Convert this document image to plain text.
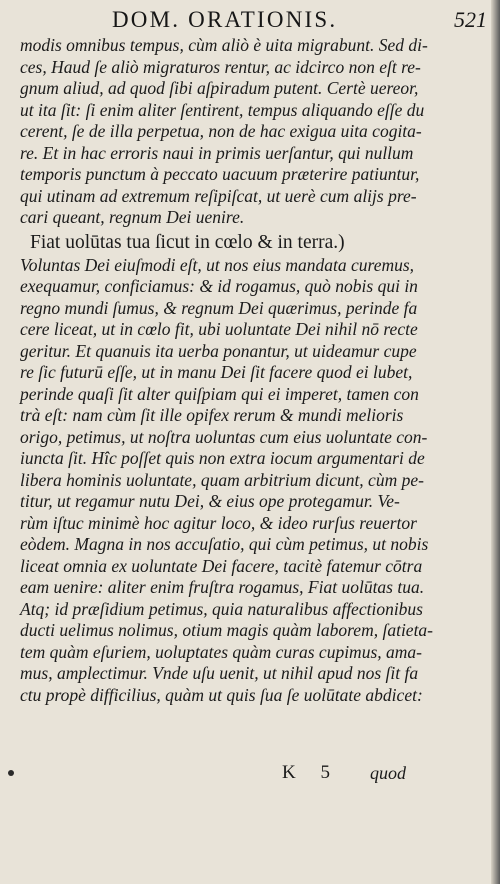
DOM. ORATIONIS.	521
modis omnibus tempus, cùm aliò è uita migrabunt. Sed di-
ces, Haud ſe aliò migraturos rentur, ac idcirco non eſt re-
gnum aliud, ad quod ſibi aſpiradum putent. Certè uereor,
ut ita ſit: ſi enim aliter ſentirent, tempus aliquando eſſe du
cerent, ſe de illa perpetua, non de hac exigua uita cogita-
re. Et in hac erroris naui in primis uerſantur, qui nullum
temporis punctum à peccato uacuum præterire patiuntur,
qui utinam ad extremum reſipiſcat, ut uerè cum alijs pre-
cari queant, regnum Dei uenire.
Fiat uolūtas tua ſicut in cœlo & in terra.)
Voluntas Dei eiuſmodi eſt, ut nos eius mandata curemus,
exequamur, conficiamus: & id rogamus, quò nobis qui in
regno mundi ſumus, & regnum Dei quærimus, perinde fa
cere liceat, ut in cœlo fit, ubi uoluntate Dei nihil nō recte
geritur. Et quanuis ita uerba ponantur, ut uideamur cupe
re ſic futurū eſſe, ut in manu Dei ſit facere quod ei lubet,
perinde quaſi ſit alter quiſpiam qui ei imperet, tamen con
trà eſt: nam cùm ſit ille opifex rerum & mundi melioris
origo, petimus, ut noſtra uoluntas cum eius uoluntate con-
iuncta ſit. Hîc poſſet quis non extra iocum argumentari de
libera hominis uoluntate, quam arbitrium dicunt, cùm pe-
titur, ut regamur nutu Dei, & eius ope protegamur. Ve-
rùm iſtuc minimè hoc agitur loco, & ideo rurſus reuertor
eòdem. Magna in nos accuſatio, qui cùm petimus, ut nobis
liceat omnia ex uoluntate Dei facere, tacitè fatemur cōtra
eam uenire: aliter enim fruſtra rogamus, Fiat uolūtas tua.
Atq; id præſidium petimus, quia naturalibus affectionibus
ducti uelimus nolimus, otium magis quàm laborem, ſatieta-
tem quàm eſuriem, uoluptates quàm curas cupimus, ama-
mus, amplectimur. Vnde uſu uenit, ut nihil apud nos ſit fa
ctu propè difficilius, quàm ut quis ſua ſe uolūtate abdicet:
K 5 quod
